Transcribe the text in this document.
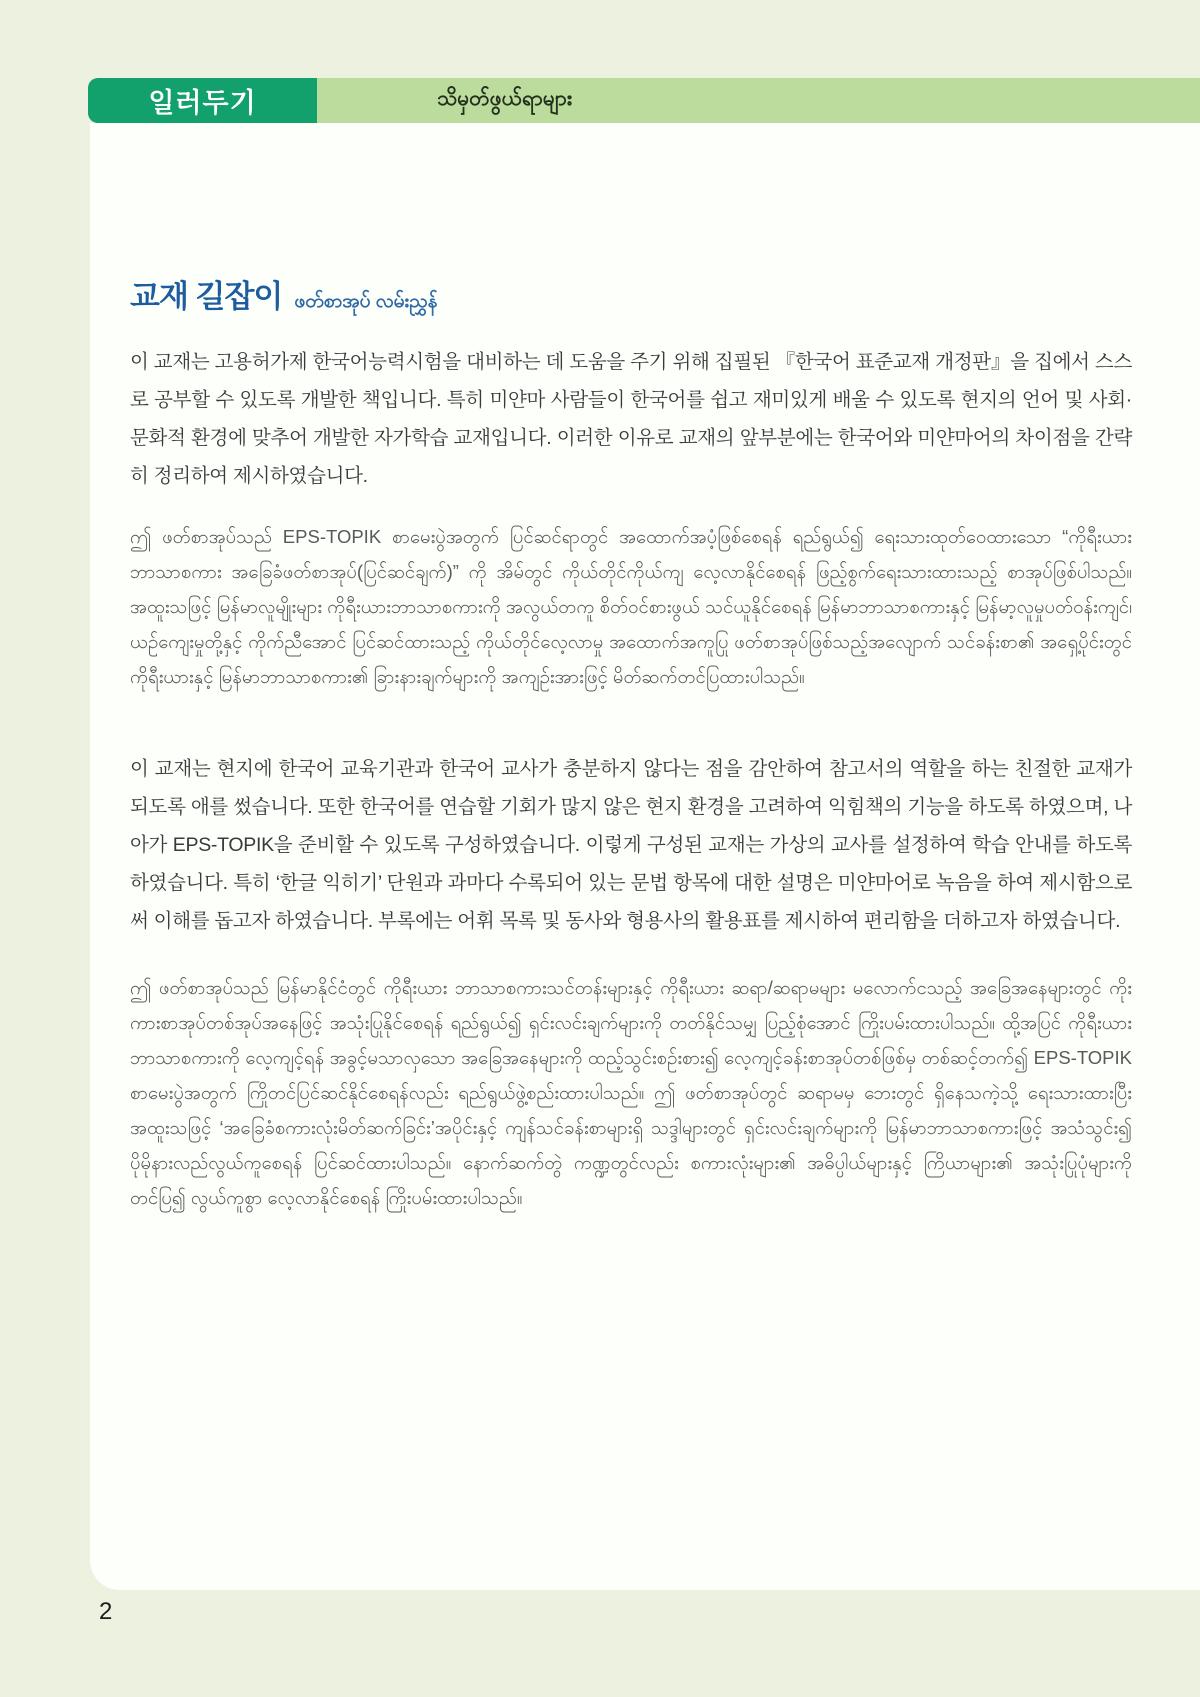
일러두기	သိမှတ်ဖွယ်ရာများ
교재 길잡이 ဖတ်စာအုပ် လမ်းညွှန်

이 교재는 고용허가제 한국어능력시험을 대비하는 데 도움을 주기 위해 집필된 『한국어 표준교재 개정판』을 집에서 스스로 공부할 수 있도록 개발한 책입니다. 특히 미얀마 사람들이 한국어를 쉽고 재미있게 배울 수 있도록 현지의 언어 및 사회·문화적 환경에 맞추어 개발한 자가학습 교재입니다. 이러한 이유로 교재의 앞부분에는 한국어와 미얀마어의 차이점을 간략히 정리하여 제시하였습니다.

ဤ ဖတ်စာအုပ်သည် EPS-TOPIK စာမေးပွဲအတွက် ပြင်ဆင်ရာတွင် အထောက်အပံ့ဖြစ်စေရန် ရည်ရွယ်၍ ရေးသားထုတ်ဝေထားသော “ကိုရီးယားဘာသာစကား အခြေခံဖတ်စာအုပ်(ပြင်ဆင်ချက်)” ကို အိမ်တွင် ကိုယ်တိုင်ကိုယ်ကျ လေ့လာနိုင်စေရန် ဖြည့်စွက်ရေးသားထားသည့် စာအုပ်ဖြစ်ပါသည်။ အထူးသဖြင့် မြန်မာလူမျိုးများ ကိုရီးယားဘာသာစကားကို အလွယ်တကူ စိတ်ဝင်စားဖွယ် သင်ယူနိုင်စေရန် မြန်မာဘာသာစကားနှင့် မြန်မာ့လူမှုပတ်ဝန်းကျင်၊ ယဉ်ကျေးမှုတို့နှင့် ကိုက်ညီအောင် ပြင်ဆင်ထားသည့် ကိုယ်တိုင်လေ့လာမှု အထောက်အကူပြု ဖတ်စာအုပ်ဖြစ်သည့်အလျောက် သင်ခန်းစာ၏ အရှေ့ပိုင်းတွင် ကိုရီးယားနှင့် မြန်မာဘာသာစကား၏ ခြားနားချက်များကို အကျဉ်းအားဖြင့် မိတ်ဆက်တင်ပြထားပါသည်။

이 교재는 현지에 한국어 교육기관과 한국어 교사가 충분하지 않다는 점을 감안하여 참고서의 역할을 하는 친절한 교재가 되도록 애를 썼습니다. 또한 한국어를 연습할 기회가 많지 않은 현지 환경을 고려하여 익힘책의 기능을 하도록 하였으며, 나아가 EPS-TOPIK을 준비할 수 있도록 구성하였습니다. 이렇게 구성된 교재는 가상의 교사를 설정하여 학습 안내를 하도록 하였습니다. 특히 ‘한글 익히기’ 단원과 과마다 수록되어 있는 문법 항목에 대한 설명은 미얀마어로 녹음을 하여 제시함으로써 이해를 돕고자 하였습니다. 부록에는 어휘 목록 및 동사와 형용사의 활용표를 제시하여 편리함을 더하고자 하였습니다.

ဤ ဖတ်စာအုပ်သည် မြန်မာနိုင်ငံတွင် ကိုရီးယား ဘာသာစကားသင်တန်းများနှင့် ကိုရီးယား ဆရာ/ဆရာမများ မလောက်ငသည့် အခြေအနေများတွင် ကိုးကားစာအုပ်တစ်အုပ်အနေဖြင့် အသုံးပြုနိုင်စေရန် ရည်ရွယ်၍ ရှင်းလင်းချက်များကို တတ်နိုင်သမျှ ပြည့်စုံအောင် ကြိုးပမ်းထားပါသည်။ ထို့အပြင် ကိုရီးယားဘာသာစကားကို လေ့ကျင့်ရန် အခွင့်မသာလှသော အခြေအနေများကို ထည့်သွင်းစဉ်းစား၍ လေ့ကျင့်ခန်းစာအုပ်တစ်ဖြစ်မှ တစ်ဆင့်တက်၍ EPS-TOPIK စာမေးပွဲအတွက် ကြိုတင်ပြင်ဆင်နိုင်စေရန်လည်း ရည်ရွယ်ဖွဲ့စည်းထားပါသည်။ ဤ ဖတ်စာအုပ်တွင် ဆရာမမှ ဘေးတွင် ရှိနေသကဲ့သို့ ရေးသားထားပြီး အထူးသဖြင့် ‘အခြေခံစကားလုံးမိတ်ဆက်ခြင်း’အပိုင်းနှင့် ကျန်သင်ခန်းစာများရှိ သဒ္ဒါများတွင် ရှင်းလင်းချက်များကို မြန်မာဘာသာစကားဖြင့် အသံသွင်း၍ ပိုမိုနားလည်လွယ်ကူစေရန် ပြင်ဆင်ထားပါသည်။ နောက်ဆက်တွဲ ကဏ္ဍတွင်လည်း စကားလုံးများ၏ အဓိပ္ပါယ်များနှင့် ကြိယာများ၏ အသုံးပြုပုံများကို တင်ပြ၍ လွယ်ကူစွာ လေ့လာနိုင်စေရန် ကြိုးပမ်းထားပါသည်။

2
